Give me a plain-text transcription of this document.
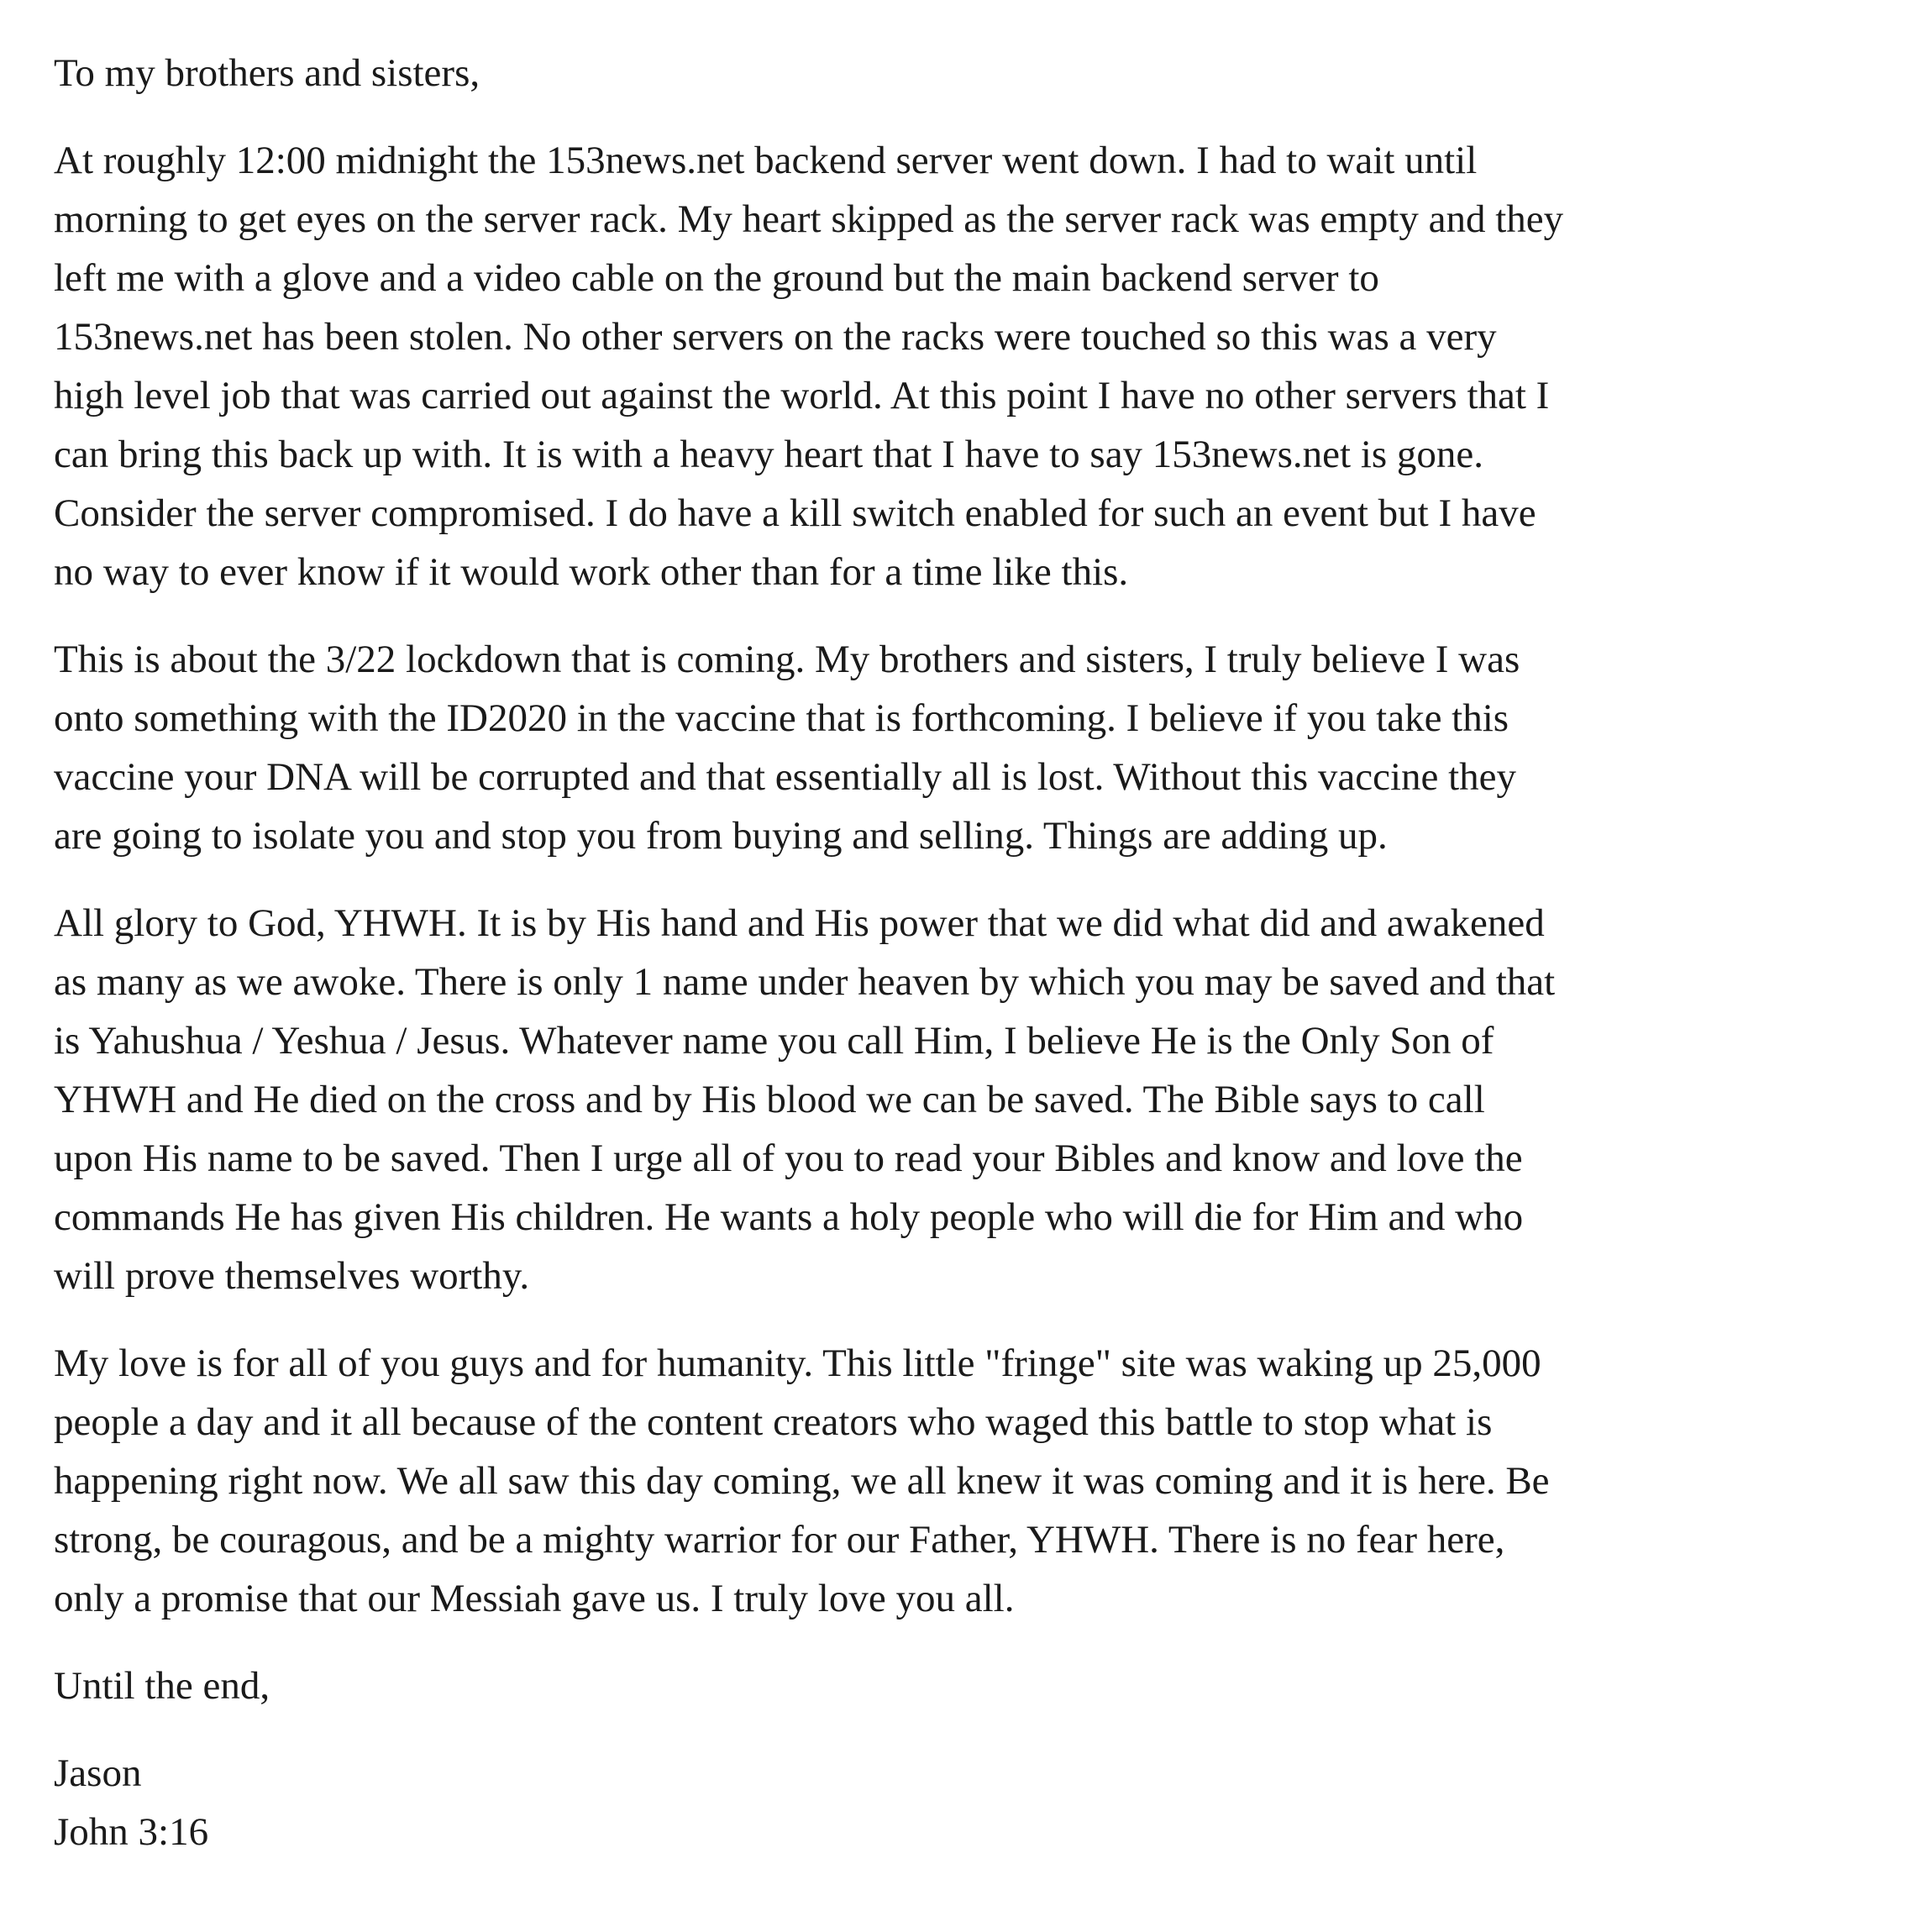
To my brothers and sisters,

At roughly 12:00 midnight the 153news.net backend server went down. I had to wait until
morning to get eyes on the server rack. My heart skipped as the server rack was empty and they
left me with a glove and a video cable on the ground but the main backend server to
153news.net has been stolen. No other servers on the racks were touched so this was a very
high level job that was carried out against the world. At this point I have no other servers that I
can bring this back up with. It is with a heavy heart that I have to say 153news.net is gone.
Consider the server compromised. I do have a kill switch enabled for such an event but I have
no way to ever know if it would work other than for a time like this.

This is about the 3/22 lockdown that is coming. My brothers and sisters, I truly believe I was
onto something with the ID2020 in the vaccine that is forthcoming. I believe if you take this
vaccine your DNA will be corrupted and that essentially all is lost. Without this vaccine they
are going to isolate you and stop you from buying and selling. Things are adding up.

All glory to God, YHWH. It is by His hand and His power that we did what did and awakened
as many as we awoke. There is only 1 name under heaven by which you may be saved and that
is Yahushua / Yeshua / Jesus. Whatever name you call Him, I believe He is the Only Son of
YHWH and He died on the cross and by His blood we can be saved. The Bible says to call
upon His name to be saved. Then I urge all of you to read your Bibles and know and love the
commands He has given His children. He wants a holy people who will die for Him and who
will prove themselves worthy.

My love is for all of you guys and for humanity. This little "fringe" site was waking up 25,000
people a day and it all because of the content creators who waged this battle to stop what is
happening right now. We all saw this day coming, we all knew it was coming and it is here. Be
strong, be couragous, and be a mighty warrior for our Father, YHWH. There is no fear here,
only a promise that our Messiah gave us. I truly love you all.

Until the end,

Jason
John 3:16
